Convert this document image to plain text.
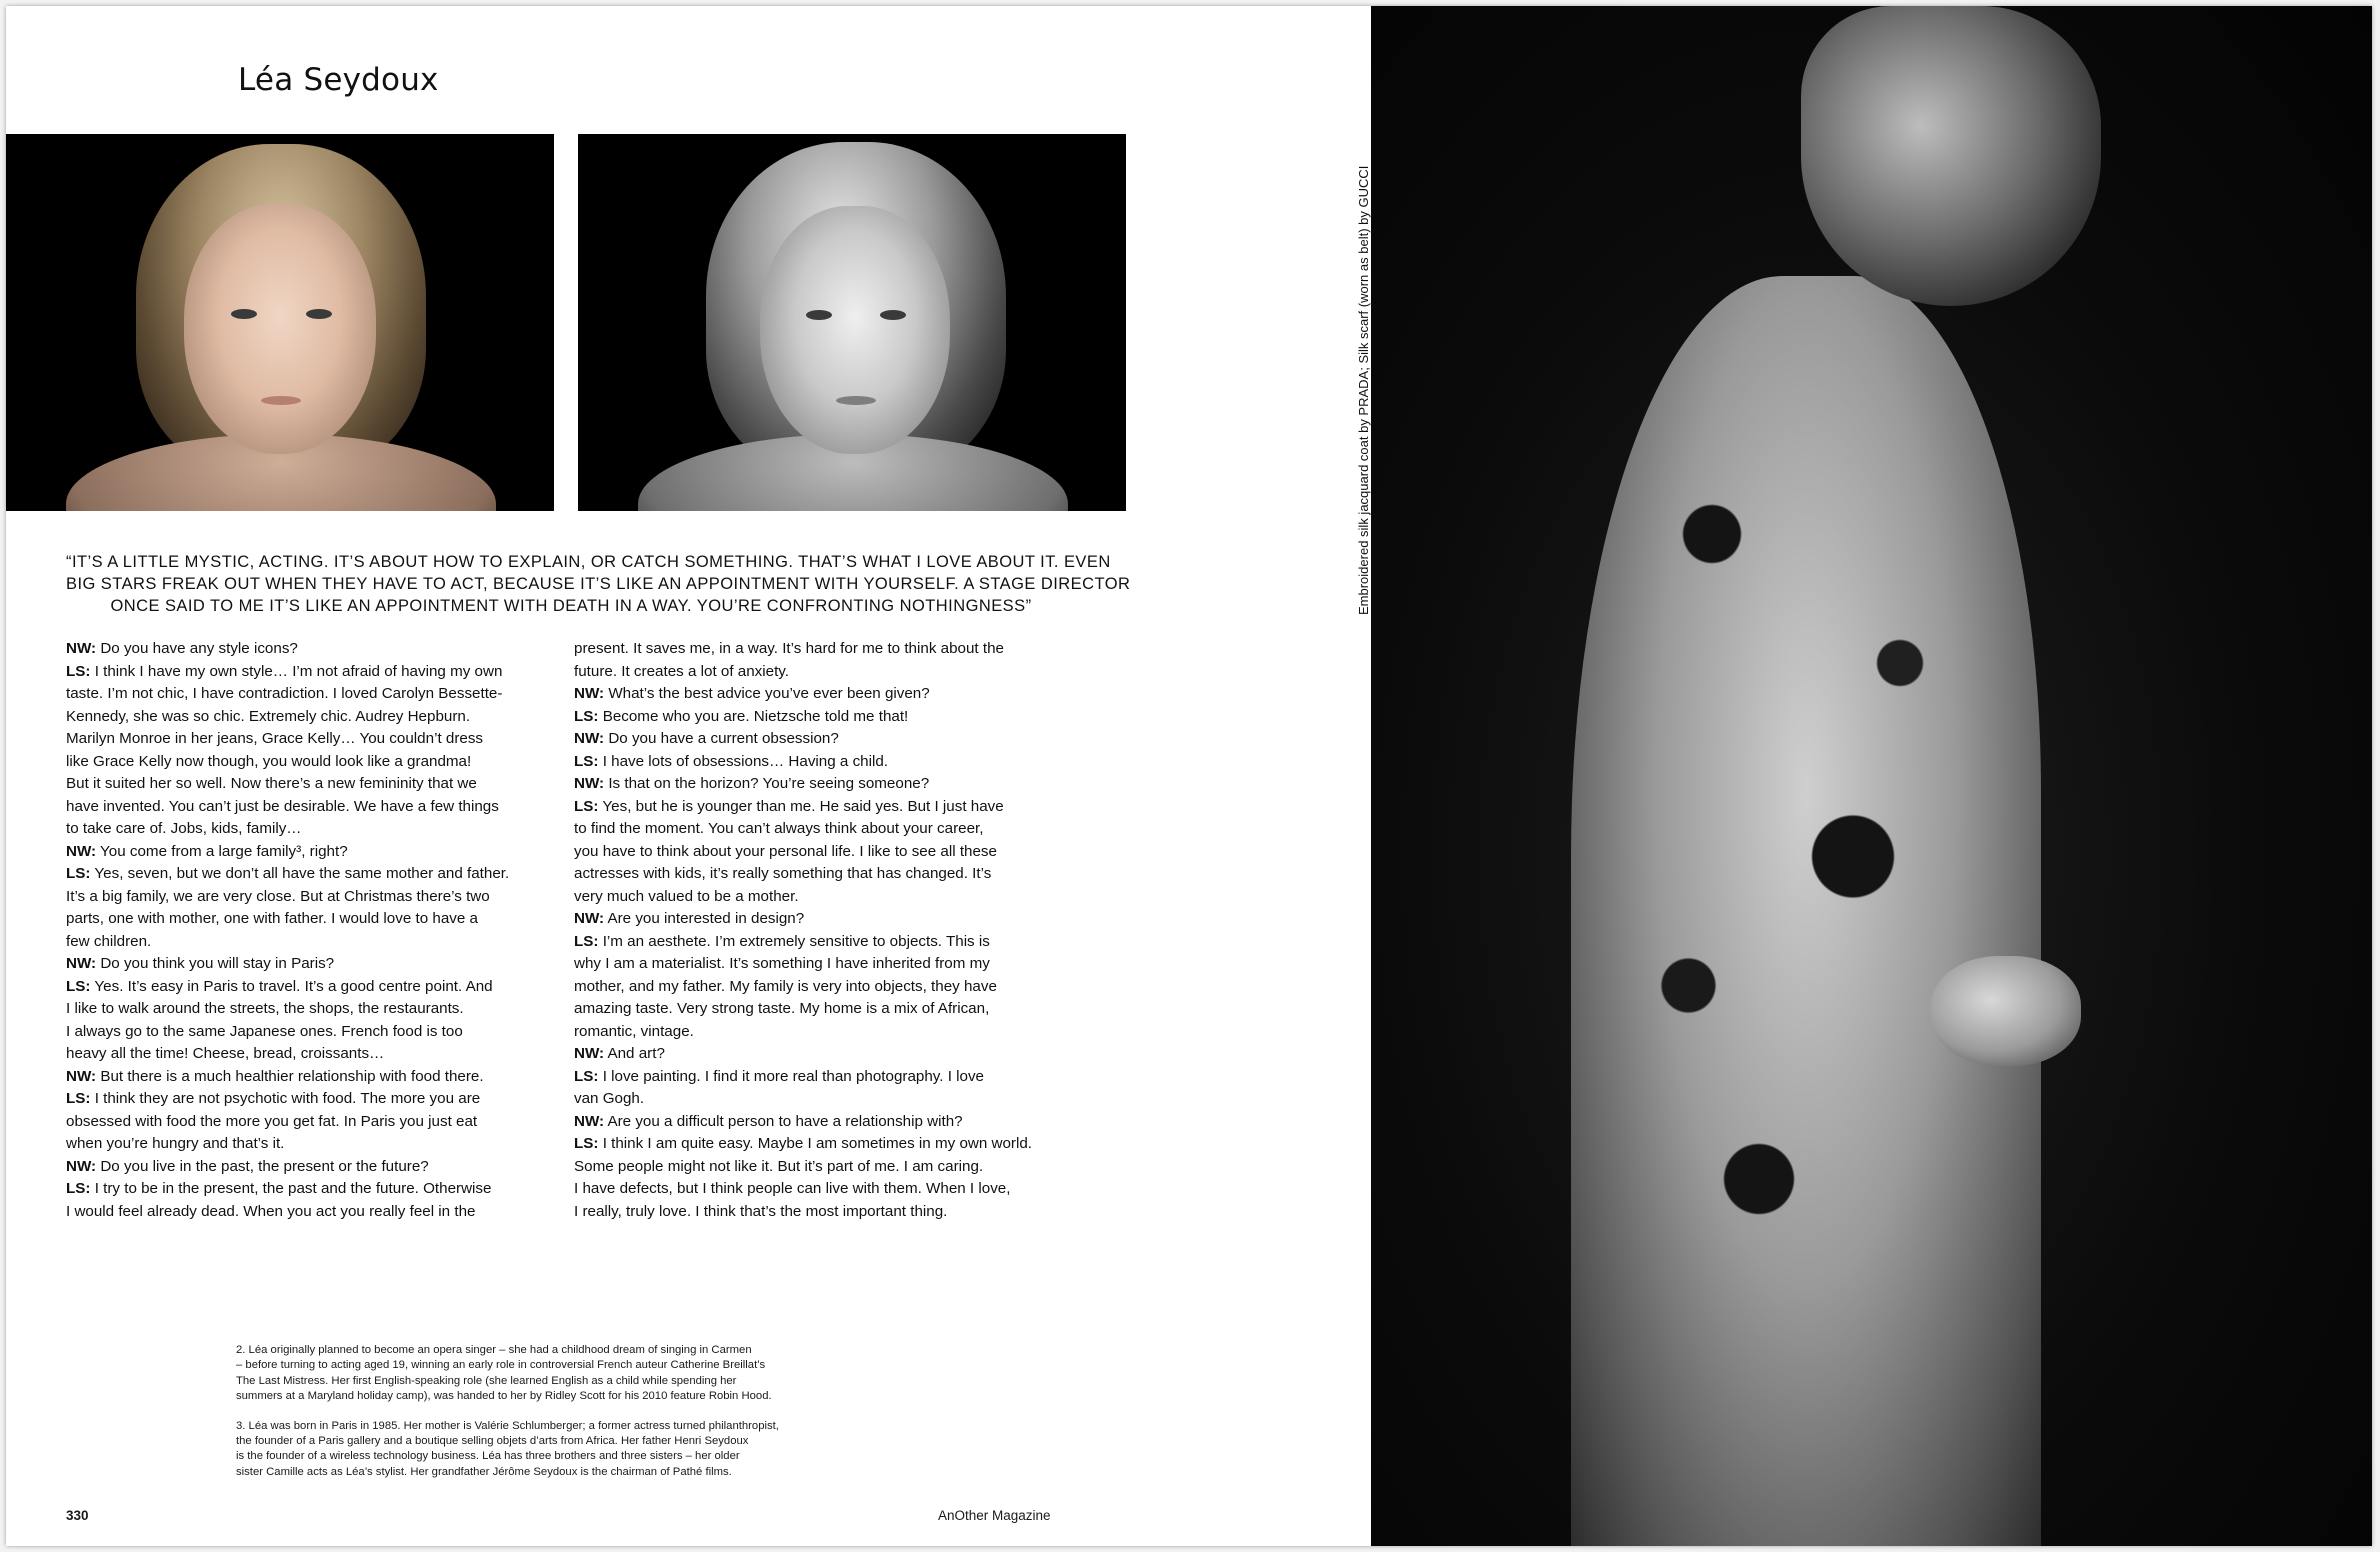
Léa Seydoux
“IT’S A LITTLE MYSTIC, ACTING. IT’S ABOUT HOW TO EXPLAIN, OR CATCH SOMETHING. THAT’S WHAT I LOVE ABOUT IT. EVEN
BIG STARS FREAK OUT WHEN THEY HAVE TO ACT, BECAUSE IT’S LIKE AN APPOINTMENT WITH YOURSELF. A STAGE DIRECTOR
ONCE SAID TO ME IT’S LIKE AN APPOINTMENT WITH DEATH IN A WAY. YOU’RE CONFRONTING NOTHINGNESS”
NW: Do you have any style icons?
LS: I think I have my own style… I’m not afraid of having my own
taste. I’m not chic, I have contradiction. I loved Carolyn Bessette-
Kennedy, she was so chic. Extremely chic. Audrey Hepburn.
Marilyn Monroe in her jeans, Grace Kelly… You couldn’t dress
like Grace Kelly now though, you would look like a grandma!
But it suited her so well. Now there’s a new femininity that we
have invented. You can’t just be desirable. We have a few things
to take care of. Jobs, kids, family…
NW: You come from a large family³, right?
LS: Yes, seven, but we don’t all have the same mother and father.
It’s a big family, we are very close. But at Christmas there’s two
parts, one with mother, one with father. I would love to have a
few children.
NW: Do you think you will stay in Paris?
LS: Yes. It’s easy in Paris to travel. It’s a good centre point. And
I like to walk around the streets, the shops, the restaurants.
I always go to the same Japanese ones. French food is too
heavy all the time! Cheese, bread, croissants…
NW: But there is a much healthier relationship with food there.
LS: I think they are not psychotic with food. The more you are
obsessed with food the more you get fat. In Paris you just eat
when you’re hungry and that’s it.
NW: Do you live in the past, the present or the future?
LS: I try to be in the present, the past and the future. Otherwise
I would feel already dead. When you act you really feel in the
present. It saves me, in a way. It’s hard for me to think about the
future. It creates a lot of anxiety.
NW: What’s the best advice you’ve ever been given?
LS: Become who you are. Nietzsche told me that!
NW: Do you have a current obsession?
LS: I have lots of obsessions… Having a child.
NW: Is that on the horizon? You’re seeing someone?
LS: Yes, but he is younger than me. He said yes. But I just have
to find the moment. You can’t always think about your career,
you have to think about your personal life. I like to see all these
actresses with kids, it’s really something that has changed. It’s
very much valued to be a mother.
NW: Are you interested in design?
LS: I’m an aesthete. I’m extremely sensitive to objects. This is
why I am a materialist. It’s something I have inherited from my
mother, and my father. My family is very into objects, they have
amazing taste. Very strong taste. My home is a mix of African,
romantic, vintage.
NW: And art?
LS: I love painting. I find it more real than photography. I love
van Gogh.
NW: Are you a difficult person to have a relationship with?
LS: I think I am quite easy. Maybe I am sometimes in my own world.
Some people might not like it. But it’s part of me. I am caring.
I have defects, but I think people can live with them. When I love,
I really, truly love. I think that’s the most important thing.
2. Léa originally planned to become an opera singer – she had a childhood dream of singing in Carmen
– before turning to acting aged 19, winning an early role in controversial French auteur Catherine Breillat’s
The Last Mistress. Her first English-speaking role (she learned English as a child while spending her
summers at a Maryland holiday camp), was handed to her by Ridley Scott for his 2010 feature Robin Hood.
3. Léa was born in Paris in 1985. Her mother is Valérie Schlumberger; a former actress turned philanthropist,
the founder of a Paris gallery and a boutique selling objets d’arts from Africa. Her father Henri Seydoux
is the founder of a wireless technology business. Léa has three brothers and three sisters – her older
sister Camille acts as Léa’s stylist. Her grandfather Jérôme Seydoux is the chairman of Pathé films.
330	AnOther Magazine
Embroidered silk jacquard coat by PRADA; Silk scarf (worn as belt) by GUCCI
